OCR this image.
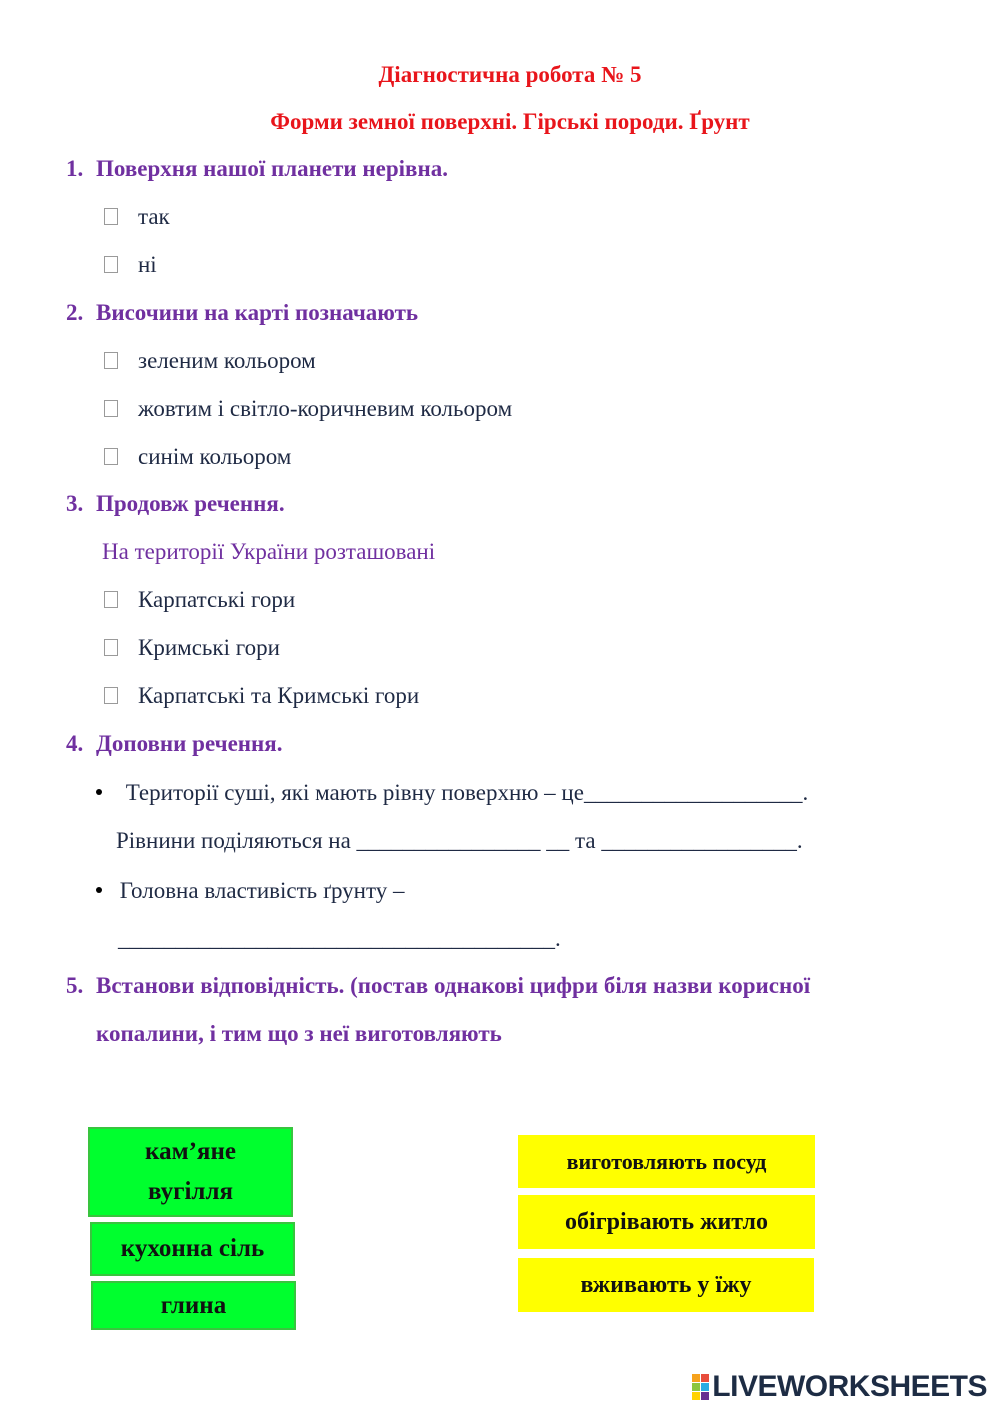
Діагностична робота № 5
Форми земної поверхні. Гірські породи. Ґрунт
1. Поверхня нашої планети нерівна.
так
ні
2. Височини на карті позначають
зеленим кольором
жовтим і світло-коричневим кольором
синім кольором
3. Продовж речення.
На території України розташовані
Карпатські гори
Кримські гори
Карпатські та Кримські гори
4. Доповни речення.
Території суші, які мають рівну поверхню – це___________________.
Рівнини поділяються на ________________ __ та _________________.
Головна властивість ґрунту –
______________________________________.
5. Встанови відповідність. (постав однакові цифри біля назви корисної
копалини, і тим що з неї виготовляють
кам’яне вугілля
кухонна сіль
глина
виготовляють посуд
обігрівають житло
вживають у їжу
LIVEWORKSHEETS
